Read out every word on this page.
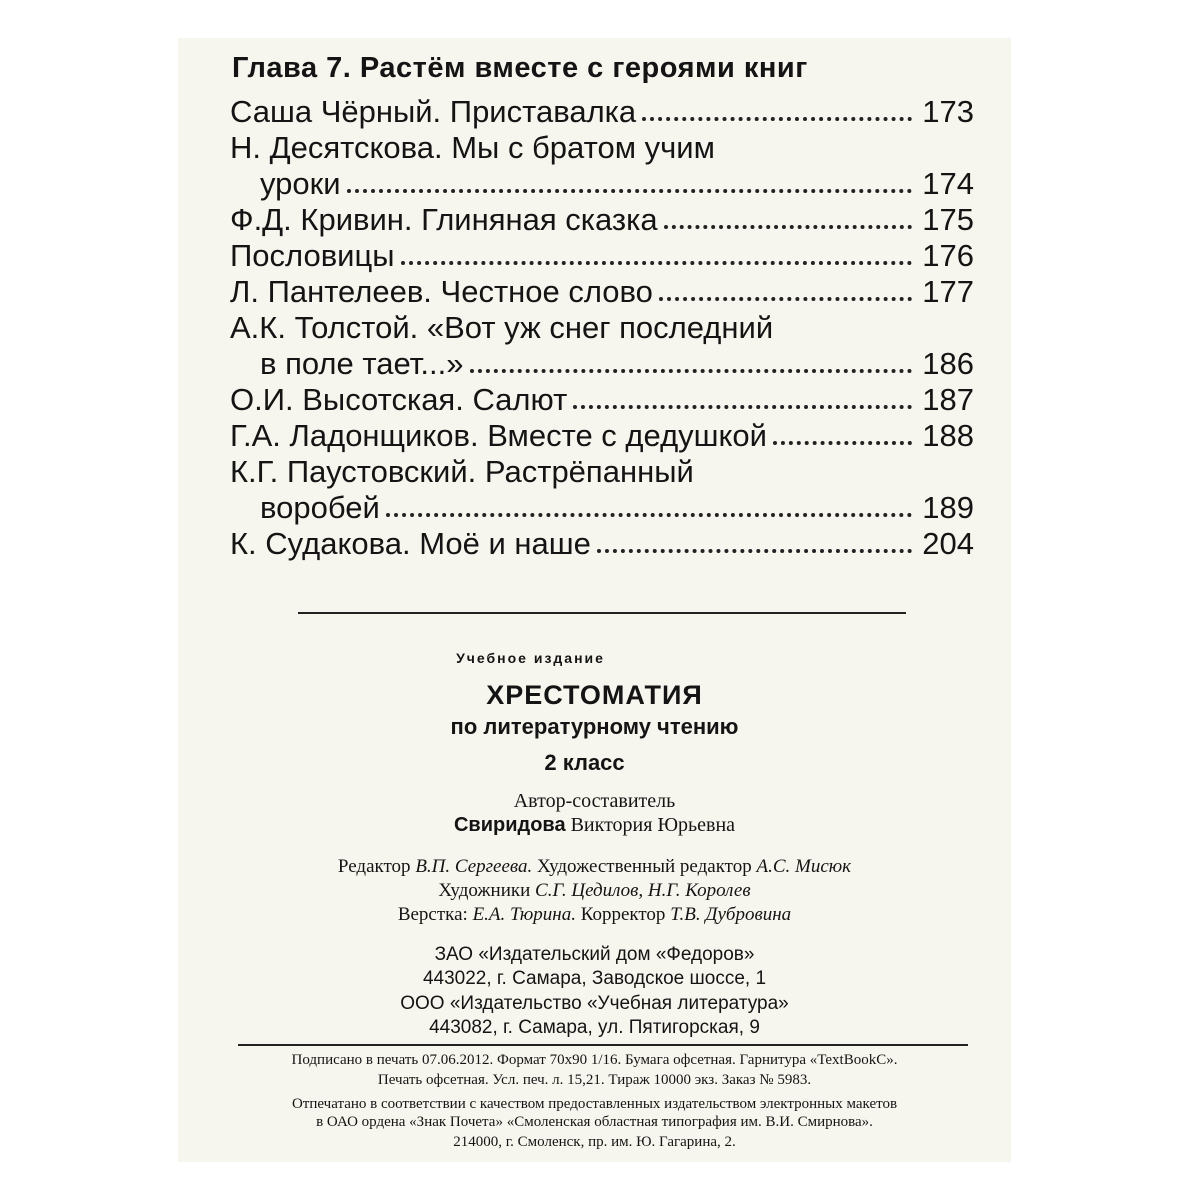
Глава 7. Растём вместе с героями книг
Саша Чёрный. Приставалка	173
Н. Десятскова. Мы с братом учим
уроки	174
Ф.Д. Кривин. Глиняная сказка	175
Пословицы	176
Л. Пантелеев. Честное слово	177
А.К. Толстой. «Вот уж снег последний
в поле тает...»	186
О.И. Высотская. Салют	187
Г.А. Ладонщиков. Вместе с дедушкой	188
К.Г. Паустовский. Растрёпанный
воробей	189
К. Судакова. Моё и наше	204
Учебное издание
ХРЕСТОМАТИЯ
по литературному чтению
2 класс
Автор-составитель
Свиридова Виктория Юрьевна
Редактор В.П. Сергеева. Художественный редактор А.С. Мисюк
Художники С.Г. Цедилов, Н.Г. Королев
Верстка: Е.А. Тюрина. Корректор Т.В. Дубровина
ЗАО «Издательский дом «Федоров»
443022, г. Самара, Заводское шоссе, 1
ООО «Издательство «Учебная литература»
443082, г. Самара, ул. Пятигорская, 9
Подписано в печать 07.06.2012. Формат 70x90 1/16. Бумага офсетная. Гарнитура «TextBookC».
Печать офсетная. Усл. печ. л. 15,21. Тираж 10000 экз. Заказ № 5983.
Отпечатано в соответствии с качеством предоставленных издательством электронных макетов
в ОАО ордена «Знак Почета» «Смоленская областная типография им. В.И. Смирнова».
214000, г. Смоленск, пр. им. Ю. Гагарина, 2.
